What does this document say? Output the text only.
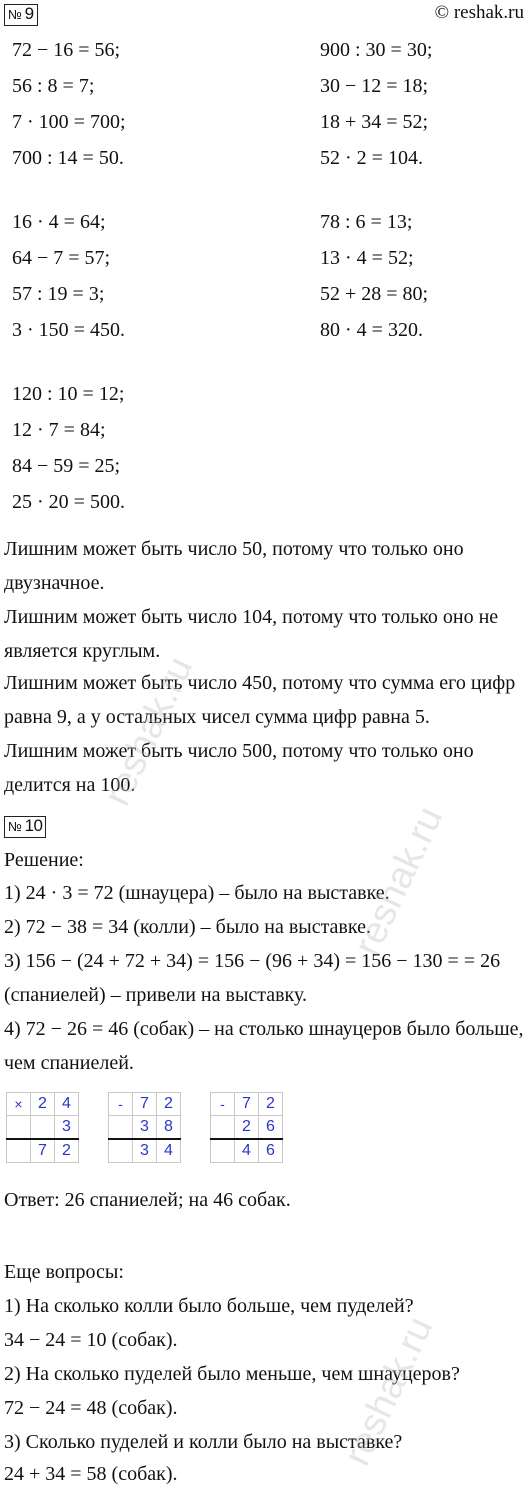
№ 9	© reshak.ru
72 − 16 = 56;
56 : 8 = 7;
7 · 100 = 700;
700 : 14 = 50.
900 : 30 = 30;
30 − 12 = 18;
18 + 34 = 52;
52 · 2 = 104.
16 · 4 = 64;
64 − 7 = 57;
57 : 19 = 3;
3 · 150 = 450.
78 : 6 = 13;
13 · 4 = 52;
52 + 28 = 80;
80 · 4 = 320.
120 : 10 = 12;
12 · 7 = 84;
84 − 59 = 25;
25 · 20 = 500.
Лишним может быть число 50, потому что только оно двузначное.
Лишним может быть число 104, потому что только оно не является круглым.
Лишним может быть число 450, потому что сумма его цифр равна 9, а у остальных чисел сумма цифр равна 5.
Лишним может быть число 500, потому что только оно делится на 100.
№ 10
Решение:
1) 24 · 3 = 72 (шнауцера) – было на выставке.
2) 72 − 38 = 34 (колли) – было на выставке.
3) 156 − (24 + 72 + 34) = 156 − (96 + 34) = 156 − 130 = = 26 (спаниелей) – привели на выставку.
4) 72 − 26 = 46 (собак) – на столько шнауцеров было больше, чем спаниелей.
×	2	4
		3
	7	2
-	7	2
	3	8
	3	4
-	7	2
	2	6
	4	6
Ответ: 26 спаниелей; на 46 собак.
Еще вопросы:
1) На сколько колли было больше, чем пуделей?
34 − 24 = 10 (собак).
2) На сколько пуделей было меньше, чем шнауцеров?
72 − 24 = 48 (собак).
3) Сколько пуделей и колли было на выставке?
24 + 34 = 58 (собак).
reshak.ru
reshak.ru
reshak.ru
